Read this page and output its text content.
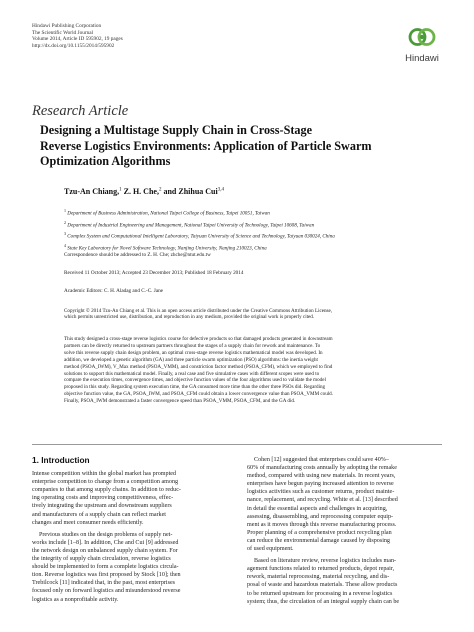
Hindawi Publishing Corporation
The Scientific World Journal
Volume 2014, Article ID 595902, 19 pages
http://dx.doi.org/10.1155/2014/595902
Hindawi
Research Article
Designing a Multistage Supply Chain in Cross-Stage
Reverse Logistics Environments: Application of Particle Swarm
Optimization Algorithms
Tzu-An Chiang,$^1$ Z. H. Che,$^2$ and Zhihua Cui$^{3,4}$
$^1$ Department of Business Administration, National Taipei College of Business, Taipei 10051, Taiwan
$^2$ Department of Industrial Engineering and Management, National Taipei University of Technology, Taipei 10608, Taiwan
$^3$ Complex System and Computational Intelligent Laboratory, Taiyuan University of Science and Technology, Taiyuan 030024, China
$^4$ State Key Laboratory for Novel Software Technology, Nanjing University, Nanjing 210023, China
Correspondence should be addressed to Z. H. Che; zhche@ntut.edu.tw
Received 11 October 2013; Accepted 23 December 2013; Published 18 February 2014
Academic Editors: C. H. Aladag and C.-C. Jane
Copyright © 2014 Tzu-An Chiang et al. This is an open access article distributed under the Creative Commons Attribution License,
which permits unrestricted use, distribution, and reproduction in any medium, provided the original work is properly cited.
This study designed a cross-stage reverse logistics course for defective products so that damaged products generated in downstream
partners can be directly returned to upstream partners throughout the stages of a supply chain for rework and maintenance. To
solve this reverse supply chain design problem, an optimal cross-stage reverse logistics mathematical model was developed. In
addition, we developed a genetic algorithm (GA) and three particle swarm optimization (PSO) algorithms: the inertia weight
method (PSOA_IWM), V_Max method (PSOA_VMM), and constriction factor method (PSOA_CFM), which we employed to find
solutions to support this mathematical model. Finally, a real case and five simulative cases with different scopes were used to
compare the execution times, convergence times, and objective function values of the four algorithms used to validate the model
proposed in this study. Regarding system execution time, the GA consumed more time than the other three PSOs did. Regarding
objective function value, the GA, PSOA_IWM, and PSOA_CFM could obtain a lower convergence value than PSOA_VMM could.
Finally, PSOA_IWM demonstrated a faster convergence speed than PSOA_VMM, PSOA_CFM, and the GA did.
1. Introduction
Intense competition within the global market has prompted
enterprise competition to change from a competition among
companies to that among supply chains. In addition to reduc-
ing operating costs and improving competitiveness, effec-
tively integrating the upstream and downstream suppliers
and manufacturers of a supply chain can reflect market
changes and meet consumer needs efficiently.
Previous studies on the design problems of supply net-
works include [1–8]. In addition, Che and Cui [9] addressed
the network design on unbalanced supply chain system. For
the integrity of supply chain circulation, reverse logistics
should be implemented to form a complete logistics circula-
tion. Reverse logistics was first proposed by Stock [10]; then
Trebilcock [11] indicated that, in the past, most enterprises
focused only on forward logistics and misunderstood reverse
logistics as a nonprofitable activity.
Cohen [12] suggested that enterprises could save 40%–
60% of manufacturing costs annually by adopting the remake
method, compared with using new materials. In recent years,
enterprises have begun paying increased attention to reverse
logistics activities such as customer returns, product mainte-
nance, replacement, and recycling. White et al. [13] described
in detail the essential aspects and challenges in acquiring,
assessing, disassembling, and reprocessing computer equip-
ment as it moves through this reverse manufacturing process.
Proper planning of a comprehensive product recycling plan
can reduce the environmental damage caused by disposing
of used equipment.
Based on literature review, reverse logistics includes man-
agement functions related to returned products, depot repair,
rework, material reprocessing, material recycling, and dis-
posal of waste and hazardous materials. These allow products
to be returned upstream for processing in a reverse logistics
system; thus, the circulation of an integral supply chain can be
